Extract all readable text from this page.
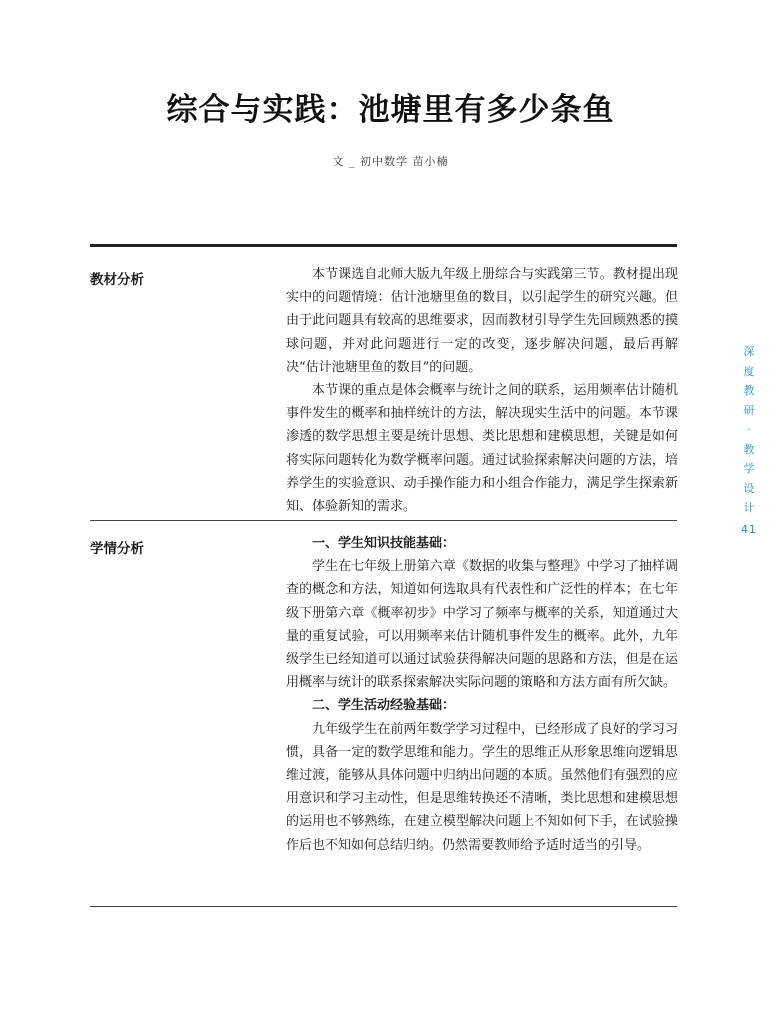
综合与实践：池塘里有多少条鱼
文 _ 初中数学 苗小楠
教材分析	本节课选自北师大版九年级上册综合与实践第三节。教材提出现实中的问题情境：估计池塘里鱼的数目，以引起学生的研究兴趣。但由于此问题具有较高的思维要求，因而教材引导学生先回顾熟悉的摸球问题，并对此问题进行一定的改变，逐步解决问题，最后再解决“估计池塘里鱼的数目”的问题。

本节课的重点是体会概率与统计之间的联系，运用频率估计随机事件发生的概率和抽样统计的方法，解决现实生活中的问题。本节课渗透的数学思想主要是统计思想、类比思想和建模思想，关键是如何将实际问题转化为数学概率问题。通过试验探索解决问题的方法，培养学生的实验意识、动手操作能力和小组合作能力，满足学生探索新知、体验新知的需求。

学情分析	一、学生知识技能基础：

学生在七年级上册第六章《数据的收集与整理》中学习了抽样调查的概念和方法，知道如何选取具有代表性和广泛性的样本；在七年级下册第六章《概率初步》中学习了频率与概率的关系，知道通过大量的重复试验，可以用频率来估计随机事件发生的概率。此外，九年级学生已经知道可以通过试验获得解决问题的思路和方法，但是在运用概率与统计的联系探索解决实际问题的策略和方法方面有所欠缺。

二、学生活动经验基础：

九年级学生在前两年数学学习过程中，已经形成了良好的学习习惯，具备一定的数学思维和能力。学生的思维正从形象思维向逻辑思维过渡，能够从具体问题中归纳出问题的本质。虽然他们有强烈的应用意识和学习主动性，但是思维转换还不清晰，类比思想和建模思想的运用也不够熟练，在建立模型解决问题上不知如何下手，在试验操作后也不知如何总结归纳。仍然需要教师给予适时适当的引导。

深
度
教
研
·
教
学
设
计
41
